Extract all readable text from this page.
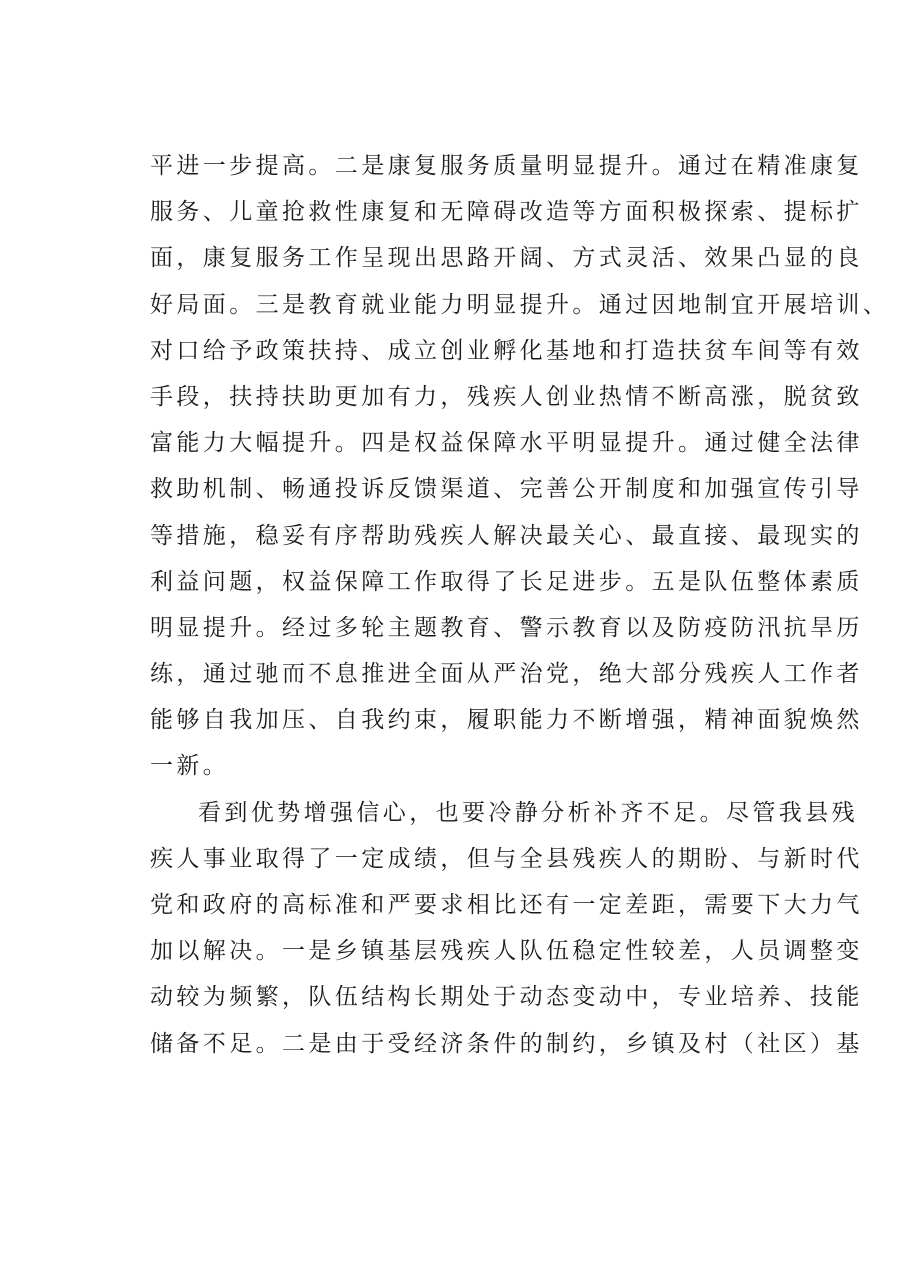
平进一步提高。二是康复服务质量明显提升。通过在精准康复
服务、儿童抢救性康复和无障碍改造等方面积极探索、提标扩
面，康复服务工作呈现出思路开阔、方式灵活、效果凸显的良
好局面。三是教育就业能力明显提升。通过因地制宜开展培训、
对口给予政策扶持、成立创业孵化基地和打造扶贫车间等有效
手段，扶持扶助更加有力，残疾人创业热情不断高涨，脱贫致
富能力大幅提升。四是权益保障水平明显提升。通过健全法律
救助机制、畅通投诉反馈渠道、完善公开制度和加强宣传引导
等措施，稳妥有序帮助残疾人解决最关心、最直接、最现实的
利益问题，权益保障工作取得了长足进步。五是队伍整体素质
明显提升。经过多轮主题教育、警示教育以及防疫防汛抗旱历
练，通过驰而不息推进全面从严治党，绝大部分残疾人工作者
能够自我加压、自我约束，履职能力不断增强，精神面貌焕然
一新。
看到优势增强信心，也要冷静分析补齐不足。尽管我县残
疾人事业取得了一定成绩，但与全县残疾人的期盼、与新时代
党和政府的高标准和严要求相比还有一定差距，需要下大力气
加以解决。一是乡镇基层残疾人队伍稳定性较差，人员调整变
动较为频繁，队伍结构长期处于动态变动中，专业培养、技能
储备不足。二是由于受经济条件的制约，乡镇及村（社区）基
